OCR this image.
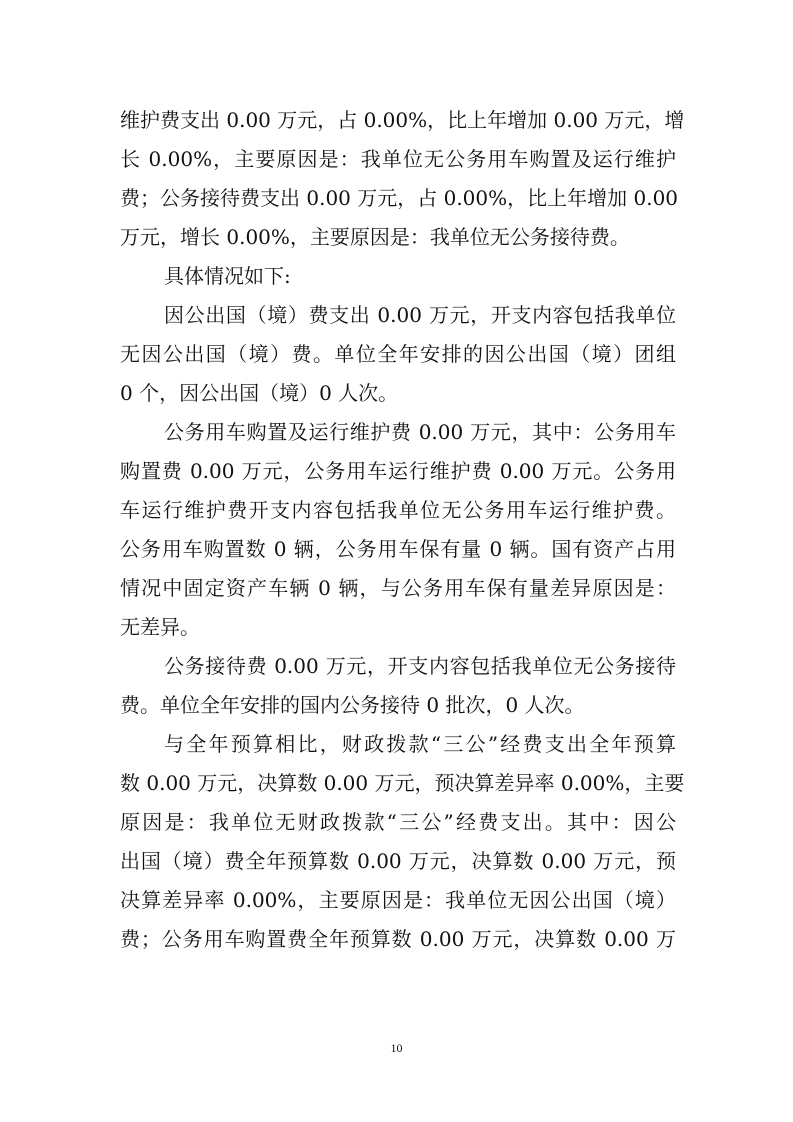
维护费支出 0.00 万元，占 0.00%，比上年增加 0.00 万元，增
长 0.00%，主要原因是：我单位无公务用车购置及运行维护
费；公务接待费支出 0.00 万元，占 0.00%，比上年增加 0.00
万元，增长 0.00%，主要原因是：我单位无公务接待费。
具体情况如下:
因公出国（境）费支出 0.00 万元，开支内容包括我单位
无因公出国（境）费。单位全年安排的因公出国（境）团组
0 个，因公出国（境）0 人次。
公务用车购置及运行维护费 0.00 万元，其中：公务用车
购置费 0.00 万元，公务用车运行维护费 0.00 万元。公务用
车运行维护费开支内容包括我单位无公务用车运行维护费。
公务用车购置数 0 辆，公务用车保有量 0 辆。国有资产占用
情况中固定资产车辆 0 辆，与公务用车保有量差异原因是：
无差异。
公务接待费 0.00 万元，开支内容包括我单位无公务接待
费。单位全年安排的国内公务接待 0 批次，0 人次。
与全年预算相比，财政拨款“三公”经费支出全年预算
数 0.00 万元，决算数 0.00 万元，预决算差异率 0.00%，主要
原因是：我单位无财政拨款“三公”经费支出。其中：因公
出国（境）费全年预算数 0.00 万元，决算数 0.00 万元，预
决算差异率 0.00%，主要原因是：我单位无因公出国（境）
费；公务用车购置费全年预算数 0.00 万元，决算数 0.00 万
10
